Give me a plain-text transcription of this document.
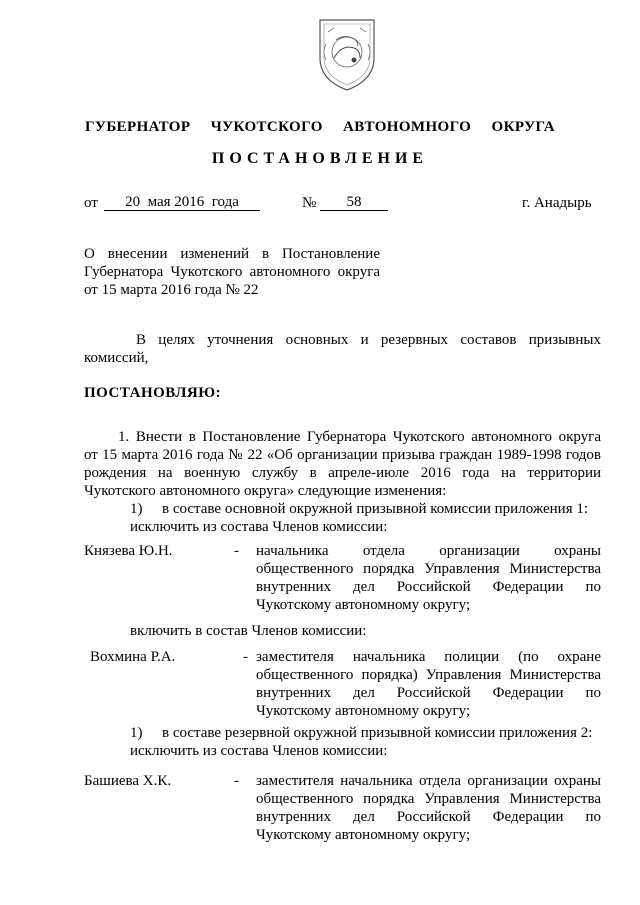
ГУБЕРНАТОР  ЧУКОТСКОГО  АВТОНОМНОГО  ОКРУГА
ПОСТАНОВЛЕНИЕ
от	20  мая 2016  года	№	58	г. Анадырь
О внесении изменений в Постановление
Губернатора Чукотского автономного округа
от 15 марта 2016 года № 22
В целях уточнения основных и резервных составов призывных
комиссий,
ПОСТАНОВЛЯЮ:
1. Внести в Постановление Губернатора Чукотского автономного округа
от 15 марта 2016 года № 22 «Об организации призыва граждан 1989-1998 годов
рождения на военную службу в апреле-июле 2016 года на территории
Чукотского автономного округа» следующие изменения:
1) в составе основной окружной призывной комиссии приложения 1:
исключить из состава Членов комиссии:
Князева Ю.Н.	- начальника отдела организации охраны
общественного порядка Управления Министерства
внутренних дел Российской Федерации по
Чукотскому автономному округу;
включить в состав Членов комиссии:
Вохмина Р.А.	- заместителя начальника полиции (по охране
общественного порядка) Управления Министерства
внутренних дел Российской Федерации по
Чукотскому автономному округу;
1) в составе резервной окружной призывной комиссии приложения 2:
исключить из состава Членов комиссии:
Башиева Х.К.	- заместителя начальника отдела организации охраны
общественного порядка Управления Министерства
внутренних дел Российской Федерации по
Чукотскому автономному округу;
